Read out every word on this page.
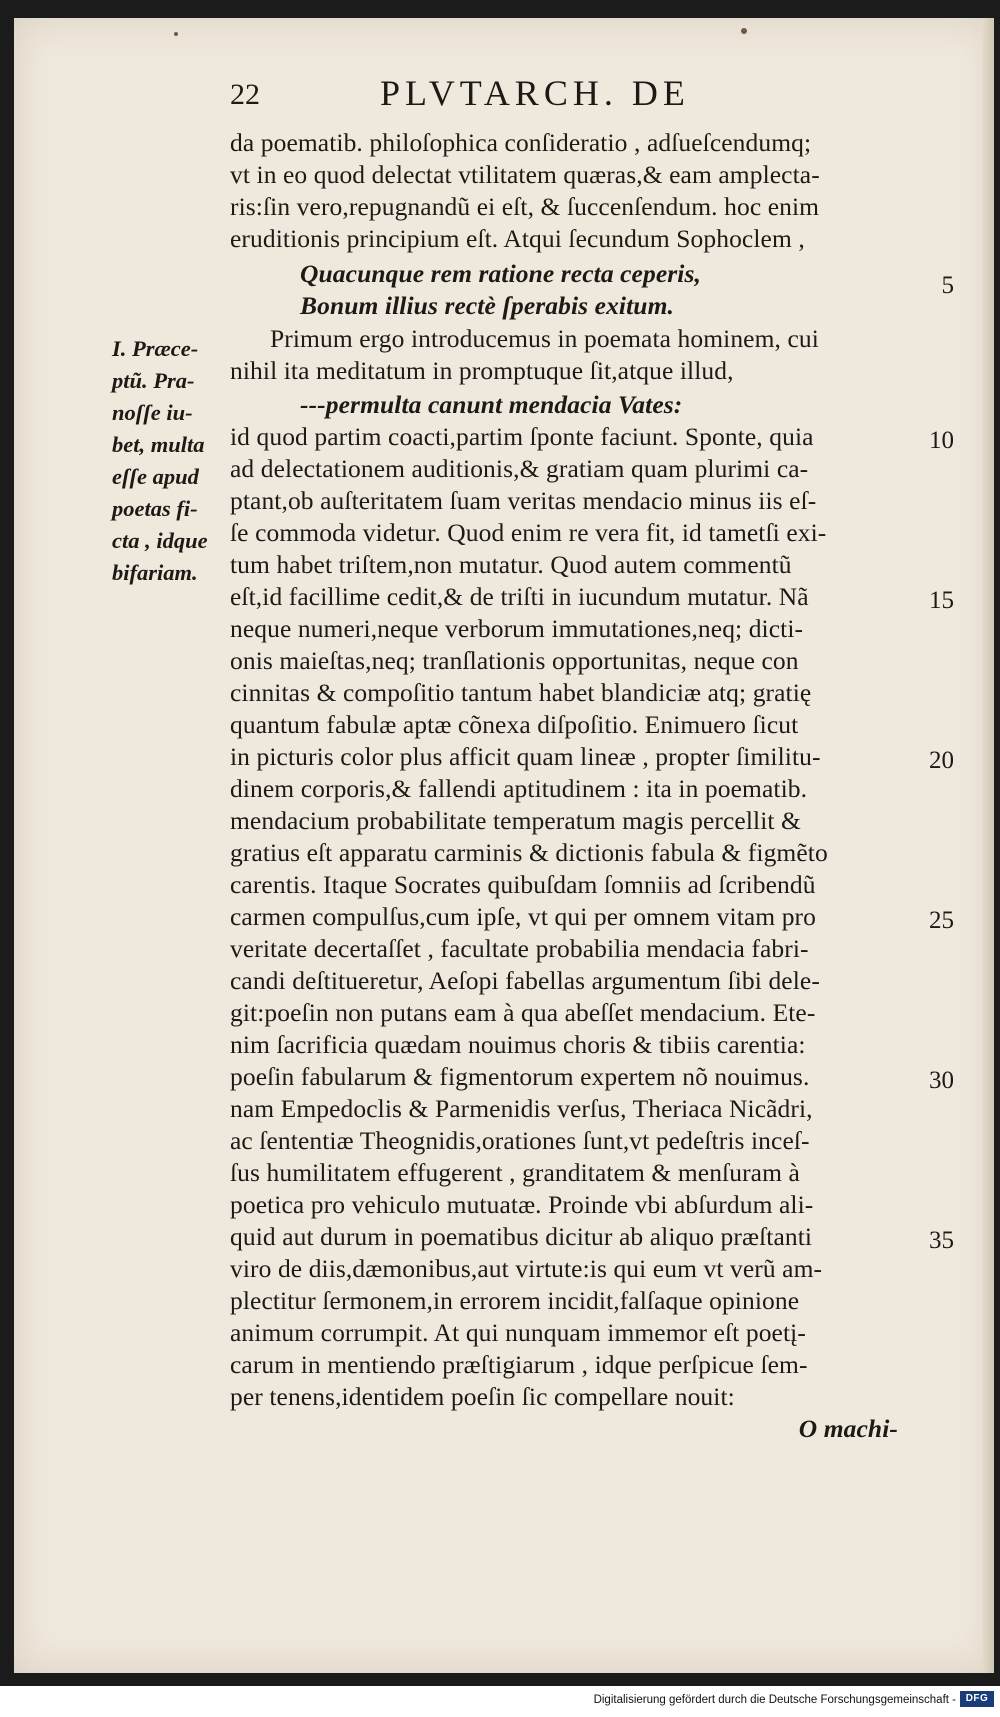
22	PLVTARCH. DE
da poematib. philoſophica conſideratio , adſueſcendumq;
vt in eo quod delectat vtilitatem quæras,& eam amplecta-
ris:ſin vero,repugnandũ ei eſt, & ſuccenſendum. hoc enim
eruditionis principium eſt. Atqui ſecundum Sophoclem ,
Quacunque rem ratione recta ceperis,
Bonum illius rectè ſperabis exitum.
Primum ergo introducemus in poemata hominem, cui
nihil ita meditatum in promptuque ſit,atque illud,
---permulta canunt mendacia Vates:
id quod partim coacti,partim ſponte faciunt. Sponte, quia
ad delectationem auditionis,& gratiam quam plurimi ca-
ptant,ob auſteritatem ſuam veritas mendacio minus iis eſ-
ſe commoda videtur. Quod enim re vera fit, id tametſi exi-
tum habet triſtem,non mutatur. Quod autem commentũ
eſt,id facillime cedit,& de triſti in iucundum mutatur. Nã
neque numeri,neque verborum immutationes,neq; dicti-
onis maieſtas,neq; tranſlationis opportunitas, neque con
cinnitas & compoſitio tantum habet blandiciæ atq; gratię
quantum fabulæ aptæ cõnexa diſpoſitio. Enimuero ſicut
in picturis color plus afficit quam lineæ , propter ſimilitu-
dinem corporis,& fallendi aptitudinem : ita in poematib.
mendacium probabilitate temperatum magis percellit &
gratius eſt apparatu carminis & dictionis fabula & figmẽto
carentis. Itaque Socrates quibuſdam ſomniis ad ſcribendũ
carmen compulſus,cum ipſe, vt qui per omnem vitam pro
veritate decertaſſet , facultate probabilia mendacia fabri-
candi deſtitueretur, Aeſopi fabellas argumentum ſibi dele-
git:poeſin non putans eam à qua abeſſet mendacium. Ete-
nim ſacrificia quædam nouimus choris & tibiis carentia:
poeſin fabularum & figmentorum expertem nõ nouimus.
nam Empedoclis & Parmenidis verſus, Theriaca Nicãdri,
ac ſententiæ Theognidis,orationes ſunt,vt pedeſtris inceſ-
ſus humilitatem effugerent , granditatem & menſuram à
poetica pro vehiculo mutuatæ. Proinde vbi abſurdum ali-
quid aut durum in poematibus dicitur ab aliquo præſtanti
viro de diis,dæmonibus,aut virtute:is qui eum vt verũ am-
plectitur ſermonem,in errorem incidit,falſaque opinione
animum corrumpit. At qui nunquam immemor eſt poetį-
carum in mentiendo præſtigiarum , idque perſpicue ſem-
per tenens,identidem poeſin ſic compellare nouit:
O machi-
I. Præce-
ptũ. Pra-
noſſe iu-
bet, multa
eſſe apud
poetas fi-
cta , idque
bifariam.
5
10
15
20
25
30
35
Digitalisierung gefördert durch die Deutsche Forschungsgemeinschaft - DFG
